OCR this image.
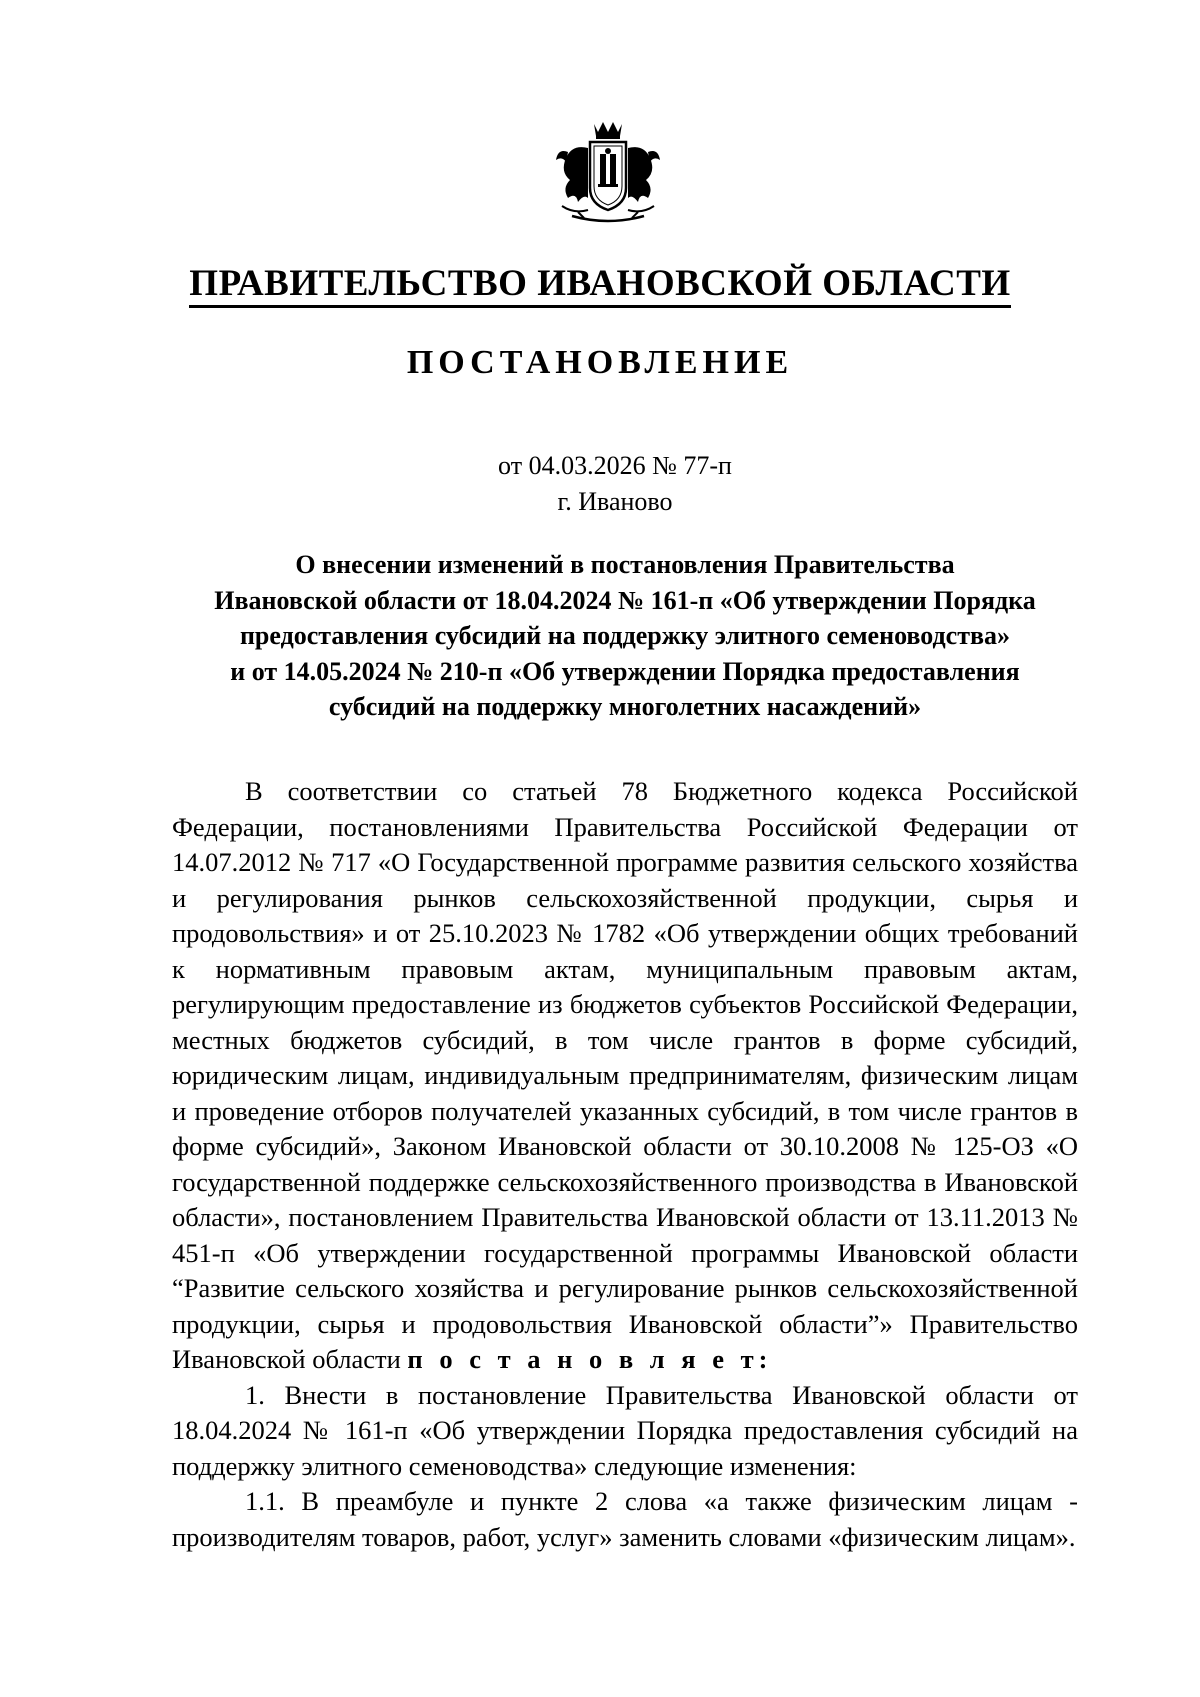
ПРАВИТЕЛЬСТВО ИВАНОВСКОЙ ОБЛАСТИ
ПОСТАНОВЛЕНИЕ
от 04.03.2026 № 77-п
г. Иваново
О внесении изменений в постановления Правительства
Ивановской области от 18.04.2024 № 161-п «Об утверждении Порядка
предоставления субсидий на поддержку элитного семеноводства»
и от 14.05.2024 № 210-п «Об утверждении Порядка предоставления
субсидий на поддержку многолетних насаждений»

В соответствии со статьей 78 Бюджетного кодекса Российской Федерации, постановлениями Правительства Российской Федерации от 14.07.2012 № 717 «О Государственной программе развития сельского хозяйства и регулирования рынков сельскохозяйственной продукции, сырья и продовольствия» и от 25.10.2023 № 1782 «Об утверждении общих требований к нормативным правовым актам, муниципальным правовым актам, регулирующим предоставление из бюджетов субъектов Российской Федерации, местных бюджетов субсидий, в том числе грантов в форме субсидий, юридическим лицам, индивидуальным предпринимателям, физическим лицам и проведение отборов получателей указанных субсидий, в том числе грантов в форме субсидий», Законом Ивановской области от 30.10.2008 № 125-ОЗ «О государственной поддержке сельскохозяйственного производства в Ивановской области», постановлением Правительства Ивановской области от 13.11.2013 № 451-п «Об утверждении государственной программы Ивановской области “Развитие сельского хозяйства и регулирование рынков сельскохозяйственной продукции, сырья и продовольствия Ивановской области”» Правительство Ивановской области п о с т а н о в л я е т:

1. Внести в постановление Правительства Ивановской области от 18.04.2024 № 161-п «Об утверждении Порядка предоставления субсидий на поддержку элитного семеноводства» следующие изменения:

1.1. В преамбуле и пункте 2 слова «а также физическим лицам - производителям товаров, работ, услуг» заменить словами «физическим лицам».
